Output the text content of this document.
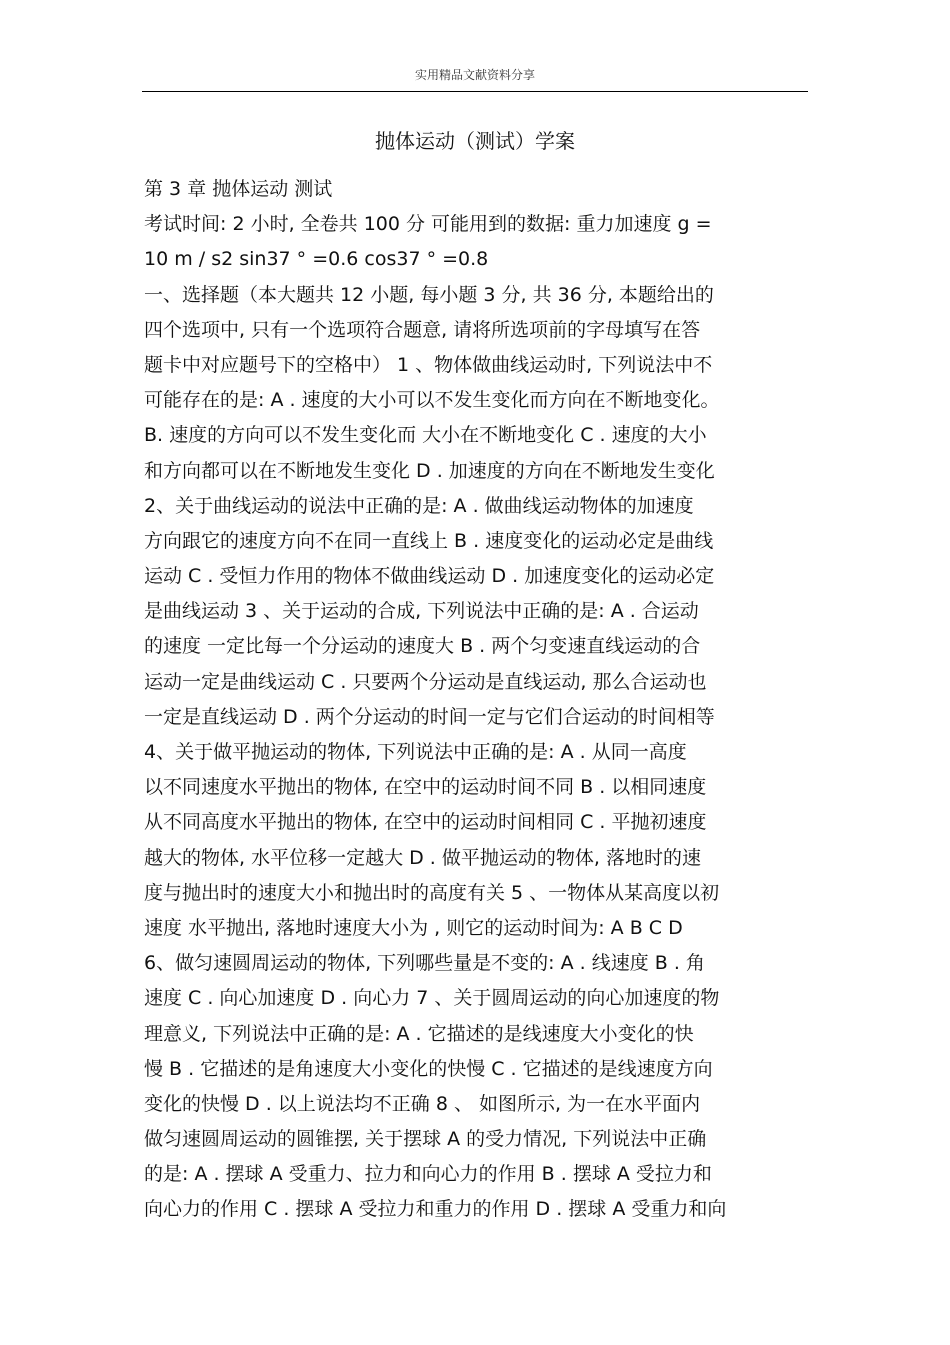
实用精品文献资料分享
抛体运动（测试）学案
第 3 章 抛体运动 测试
考试时间: 2 小时, 全卷共 100 分 可能用到的数据: 重力加速度 g =
10 m / s2 sin37 ° =0.6 cos37 ° =0.8
一、选择题（本大题共 12 小题, 每小题 3 分, 共 36 分, 本题给出的
四个选项中, 只有一个选项符合题意, 请将所选项前的字母填写在答
题卡中对应题号下的空格中） 1 、物体做曲线运动时, 下列说法中不
可能存在的是: A . 速度的大小可以不发生变化而方向在不断地变化。
B. 速度的方向可以不发生变化而 大小在不断地变化 C . 速度的大小
和方向都可以在不断地发生变化 D . 加速度的方向在不断地发生变化
2、关于曲线运动的说法中正确的是: A . 做曲线运动物体的加速度
方向跟它的速度方向不在同一直线上 B . 速度变化的运动必定是曲线
运动 C . 受恒力作用的物体不做曲线运动 D . 加速度变化的运动必定
是曲线运动 3 、关于运动的合成, 下列说法中正确的是: A . 合运动
的速度 一定比每一个分运动的速度大 B . 两个匀变速直线运动的合
运动一定是曲线运动 C . 只要两个分运动是直线运动, 那么合运动也
一定是直线运动 D . 两个分运动的时间一定与它们合运动的时间相等
4、关于做平抛运动的物体, 下列说法中正确的是: A . 从同一高度
以不同速度水平抛出的物体, 在空中的运动时间不同 B . 以相同速度
从不同高度水平抛出的物体, 在空中的运动时间相同 C . 平抛初速度
越大的物体, 水平位移一定越大 D . 做平抛运动的物体, 落地时的速
度与抛出时的速度大小和抛出时的高度有关 5 、一物体从某高度以初
速度 水平抛出, 落地时速度大小为 , 则它的运动时间为: A B C D
6、做匀速圆周运动的物体, 下列哪些量是不变的: A . 线速度 B . 角
速度 C . 向心加速度 D . 向心力 7 、关于圆周运动的向心加速度的物
理意义, 下列说法中正确的是: A . 它描述的是线速度大小变化的快
慢 B . 它描述的是角速度大小变化的快慢 C . 它描述的是线速度方向
变化的快慢 D . 以上说法均不正确 8 、 如图所示, 为一在水平面内
做匀速圆周运动的圆锥摆, 关于摆球 A 的受力情况, 下列说法中正确
的是: A . 摆球 A 受重力、拉力和向心力的作用 B . 摆球 A 受拉力和
向心力的作用 C . 摆球 A 受拉力和重力的作用 D . 摆球 A 受重力和向
